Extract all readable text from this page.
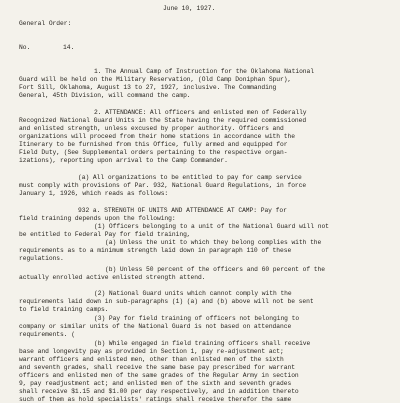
June 10, 1927.
General Order:
No.	14.
1. The Annual Camp of Instruction for the Oklahoma National
Guard will be held on the Military Reservation, (Old Camp Doniphan Spur),
Fort Sill, Oklahoma, August 13 to 27, 1927, inclusive. The Commanding
General, 45th Division, will command the camp.
2. ATTENDANCE: All officers and enlisted men of Federally
Recognized National Guard Units in the State having the required commissioned
and enlisted strength, unless excused by proper authority. Officers and
organizations will proceed from their home stations in accordance with the
Itinerary to be furnished from this Office, fully armed and equipped for
Field Duty, (See Supplemental orders pertaining to the respective organ-
izations), reporting upon arrival to the Camp Commander.
(a) All organizations to be entitled to pay for camp service
must comply with provisions of Par. 932, National Guard Regulations, in force
January 1, 1926, which reads as follows:
932 a. STRENGTH OF UNITS AND ATTENDANCE AT CAMP: Pay for
field training depends upon the following:
(1) Officers belonging to a unit of the National Guard will not
be entitled to Federal Pay for field training,
(a) Unless the unit to which they belong complies with the
requirements as to a minimum strength laid down in paragraph 110 of these
regulations.
(b) Unless 50 percent of the officers and 60 percent of the
actually enrolled active enlisted strength attend.
(2) National Guard units which cannot comply with the
requirements laid down in sub-paragraphs (1) (a) and (b) above will not be sent
to field training camps.
(3) Pay for field training of officers not belonging to
company or similar units of the National Guard is not based on attendance
requirements. (
(b) While engaged in field training officers shall receive
base and longevity pay as provided in Section 1, pay re-adjustment act;
warrant officers and enlisted men, other than enlisted men of the sixth
and seventh grades, shall receive the same base pay prescribed for warrant
officers and enlisted men of the same grades of the Regular Army in section
9, pay readjustment act; and enlisted men of the sixth and seventh grades
shall receive $1.15 and $1.00 per day respectively, and in addition thereto
such of them as hold specialists' ratings shall receive therefor the same
